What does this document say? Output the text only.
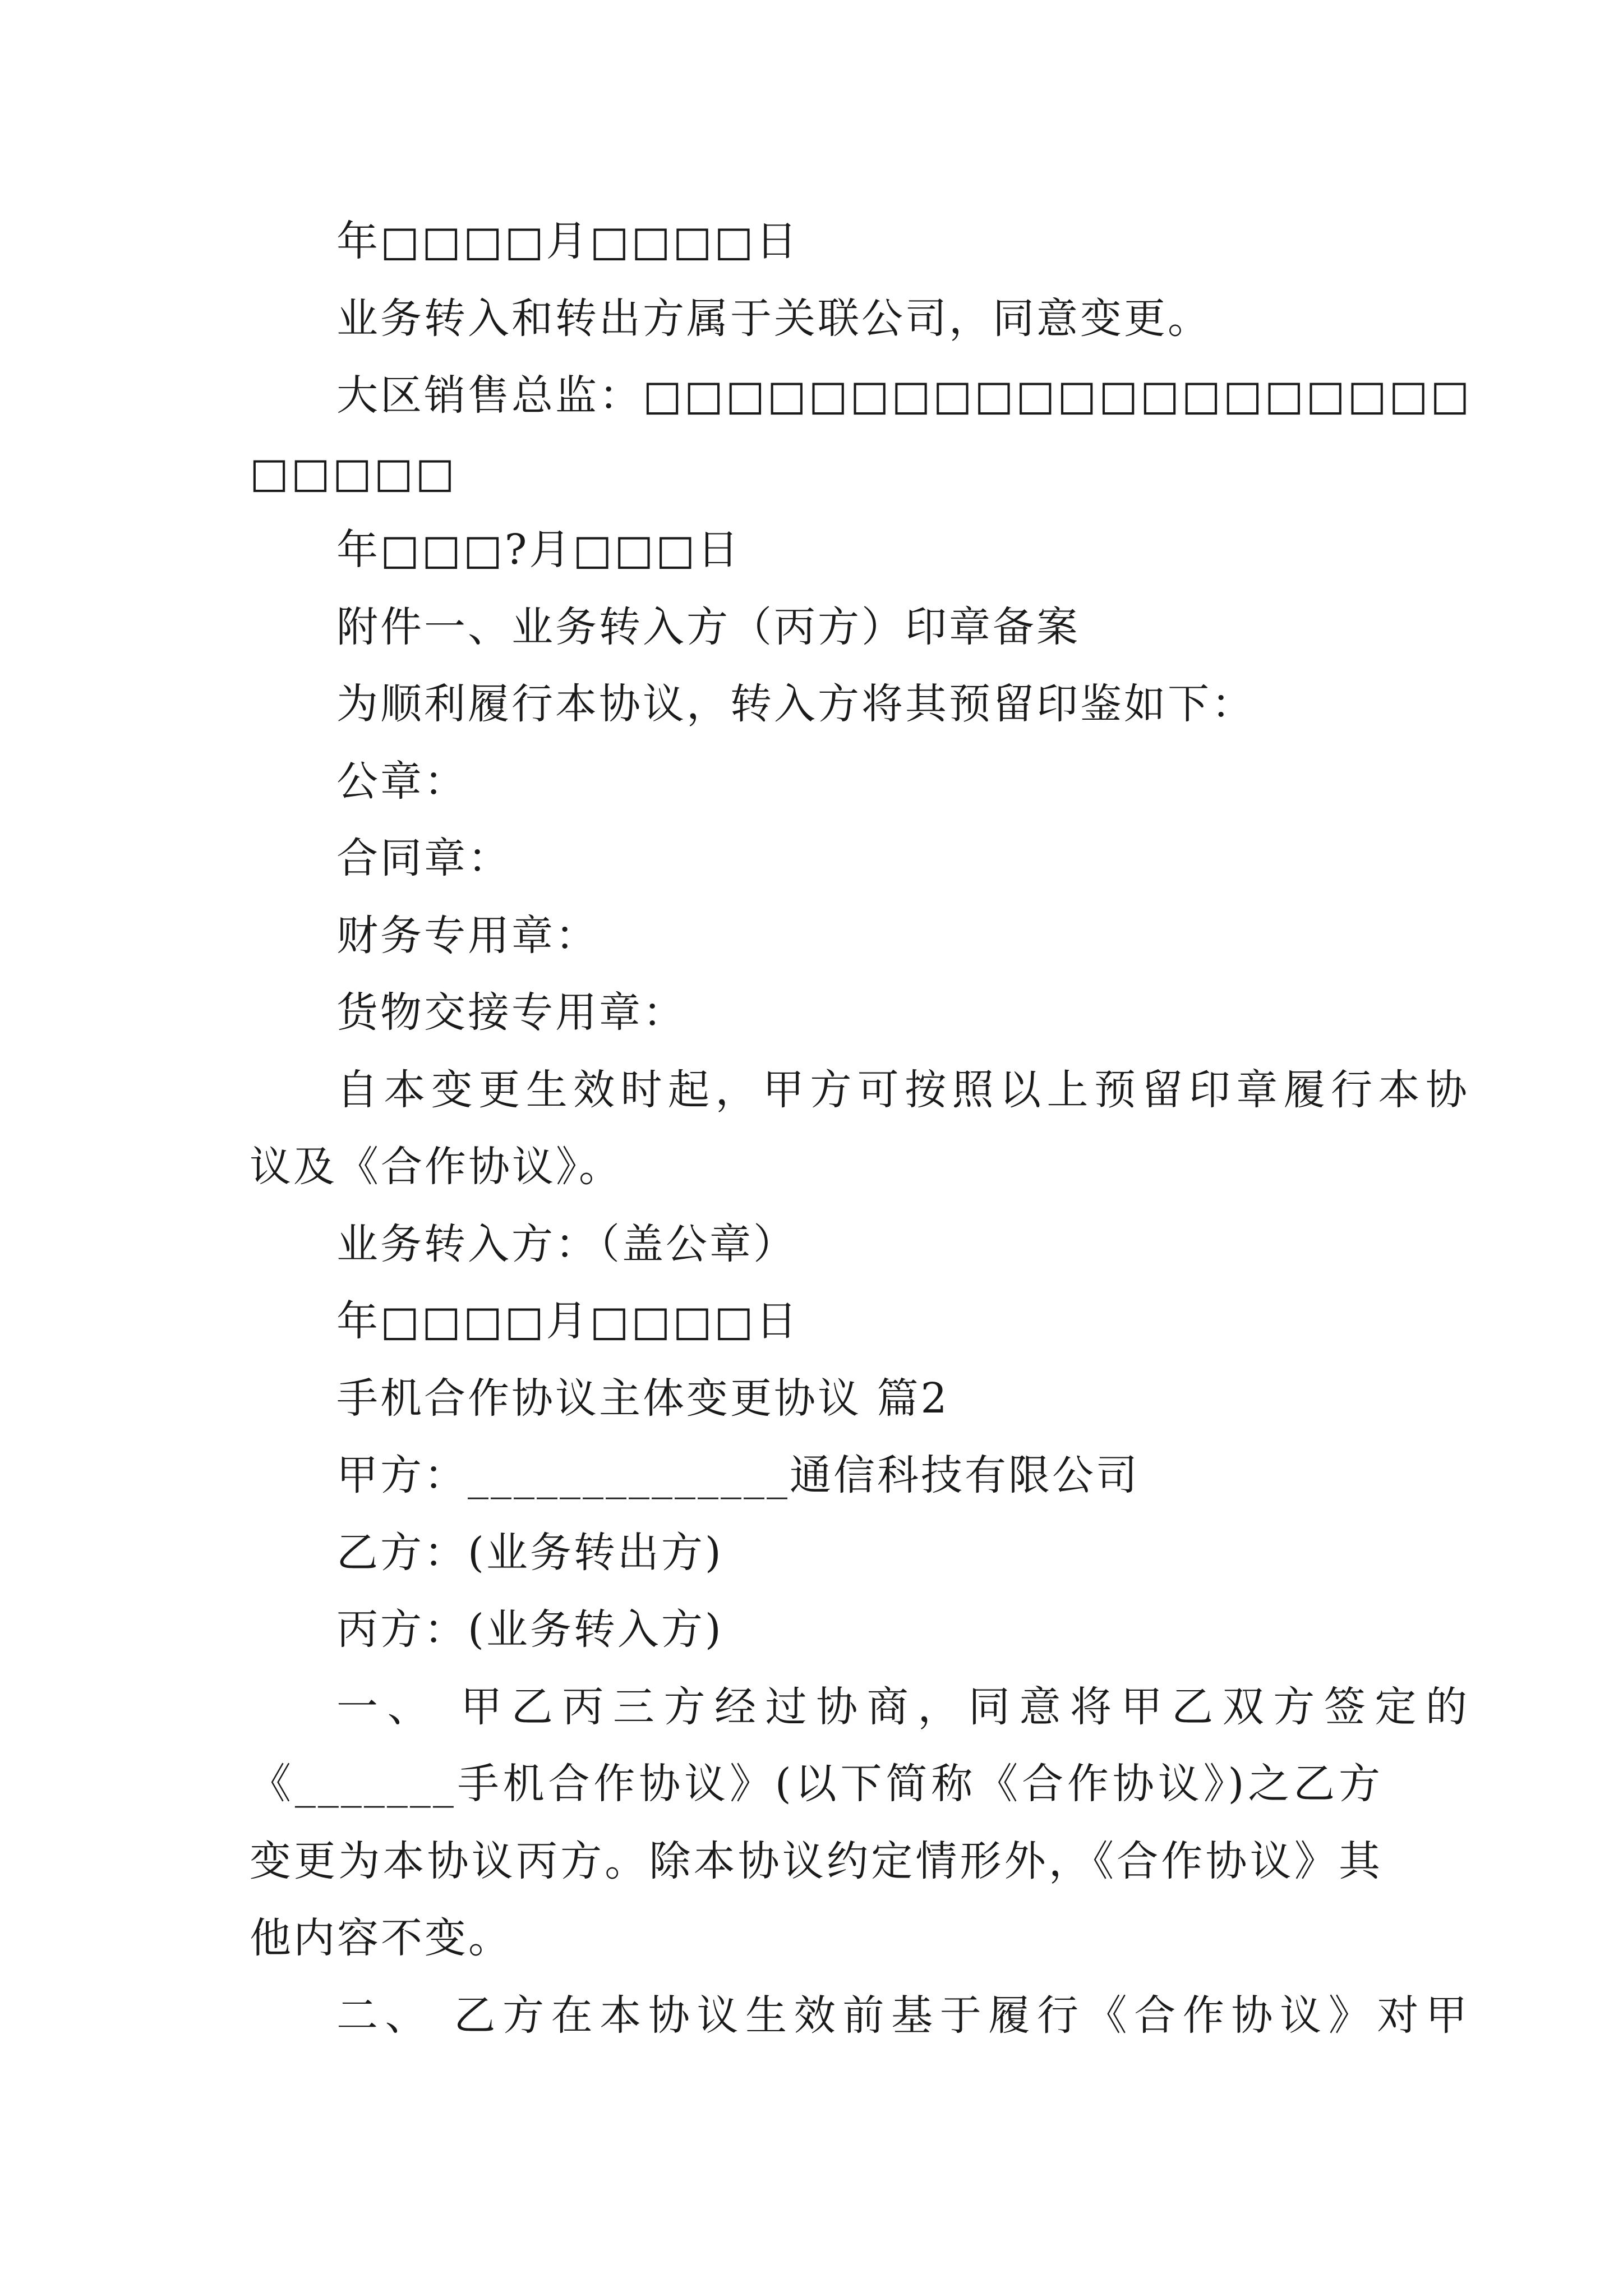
年□□□□月□□□□日
业务转入和转出方属于关联公司，同意变更。
大区销售总监：□□□□□□□□□□□□□□□□□□□□
□□□□□
年□□□?月□□□日
附件一、业务转入方（丙方）印章备案
为顺利履行本协议，转入方将其预留印鉴如下：
公章：
合同章：
财务专用章：
货物交接专用章：
自本变更生效时起，甲方可按照以上预留印章履行本协
议及《合作协议》。
业务转入方：（盖公章）
年□□□□月□□□□日
手机合作协议主体变更协议 篇2
甲方：______________通信科技有限公司
乙方：(业务转出方)
丙方：(业务转入方)
一、 甲乙丙三方经过协商，同意将甲乙双方签定的
《_______手机合作协议》(以下简称《合作协议》)之乙方
变更为本协议丙方。除本协议约定情形外，《合作协议》其
他内容不变。
二、 乙方在本协议生效前基于履行《合作协议》对甲
